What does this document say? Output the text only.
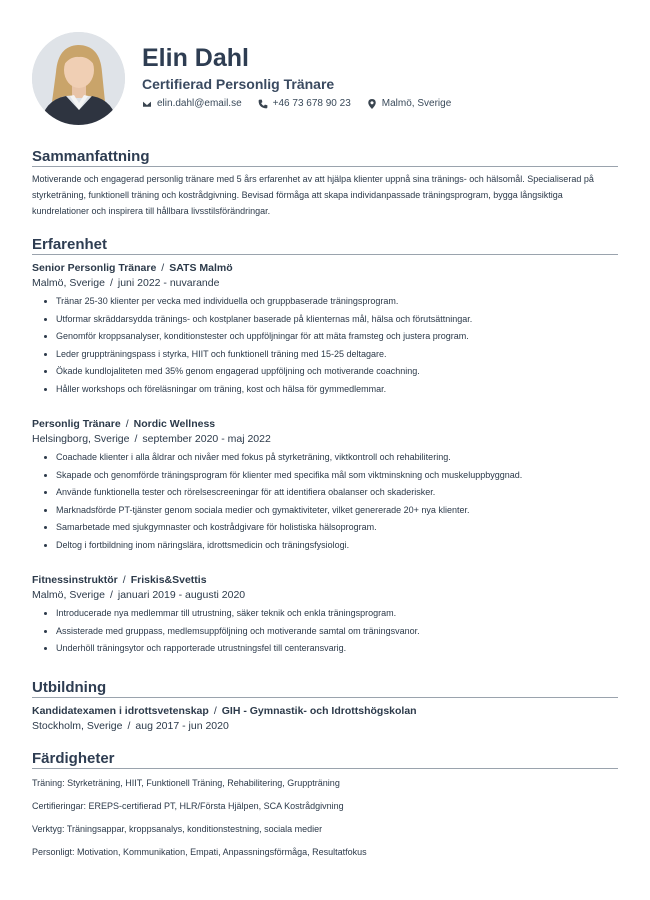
Elin Dahl
Certifierad Personlig Tränare
elin.dahl@email.se	+46 73 678 90 23	Malmö, Sverige
Sammanfattning

Motiverande och engagerad personlig tränare med 5 års erfarenhet av att hjälpa klienter uppnå sina tränings- och hälsomål. Specialiserad på styrketräning, funktionell träning och kostrådgivning. Bevisad förmåga att skapa individanpassade träningsprogram, bygga långsiktiga kundrelationer och inspirera till hållbara livsstilsförändringar.

Erfarenhet
Senior Personlig Tränare / SATS Malmö
Malmö, Sverige / juni 2022 - nuvarande
• Tränar 25-30 klienter per vecka med individuella och gruppbaserade träningsprogram.
• Utformar skräddarsydda tränings- och kostplaner baserade på klienternas mål, hälsa och förutsättningar.
• Genomför kroppsanalyser, konditionstester och uppföljningar för att mäta framsteg och justera program.
• Leder gruppträningspass i styrka, HIIT och funktionell träning med 15-25 deltagare.
• Ökade kundlojaliteten med 35% genom engagerad uppföljning och motiverande coachning.
• Håller workshops och föreläsningar om träning, kost och hälsa för gymmedlemmar.
Personlig Tränare / Nordic Wellness
Helsingborg, Sverige / september 2020 - maj 2022
• Coachade klienter i alla åldrar och nivåer med fokus på styrketräning, viktkontroll och rehabilitering.
• Skapade och genomförde träningsprogram för klienter med specifika mål som viktminskning och muskeluppbyggnad.
• Använde funktionella tester och rörelsescreeningar för att identifiera obalanser och skaderisker.
• Marknadsförde PT-tjänster genom sociala medier och gymaktiviteter, vilket genererade 20+ nya klienter.
• Samarbetade med sjukgymnaster och kostrådgivare för holistiska hälsoprogram.
• Deltog i fortbildning inom näringslära, idrottsmedicin och träningsfysiologi.
Fitnessinstruktör / Friskis&Svettis
Malmö, Sverige / januari 2019 - augusti 2020
• Introducerade nya medlemmar till utrustning, säker teknik och enkla träningsprogram.
• Assisterade med gruppass, medlemsuppföljning och motiverande samtal om träningsvanor.
• Underhöll träningsytor och rapporterade utrustningsfel till centeransvarig.
Utbildning
Kandidatexamen i idrottsvetenskap / GIH - Gymnastik- och Idrottshögskolan
Stockholm, Sverige / aug 2017 - jun 2020
Färdigheter

Träning: Styrketräning, HIIT, Funktionell Träning, Rehabilitering, Gruppträning

Certifieringar: EREPS-certifierad PT, HLR/Första Hjälpen, SCA Kostrådgivning

Verktyg: Träningsappar, kroppsanalys, konditionstestning, sociala medier

Personligt: Motivation, Kommunikation, Empati, Anpassningsförmåga, Resultatfokus
